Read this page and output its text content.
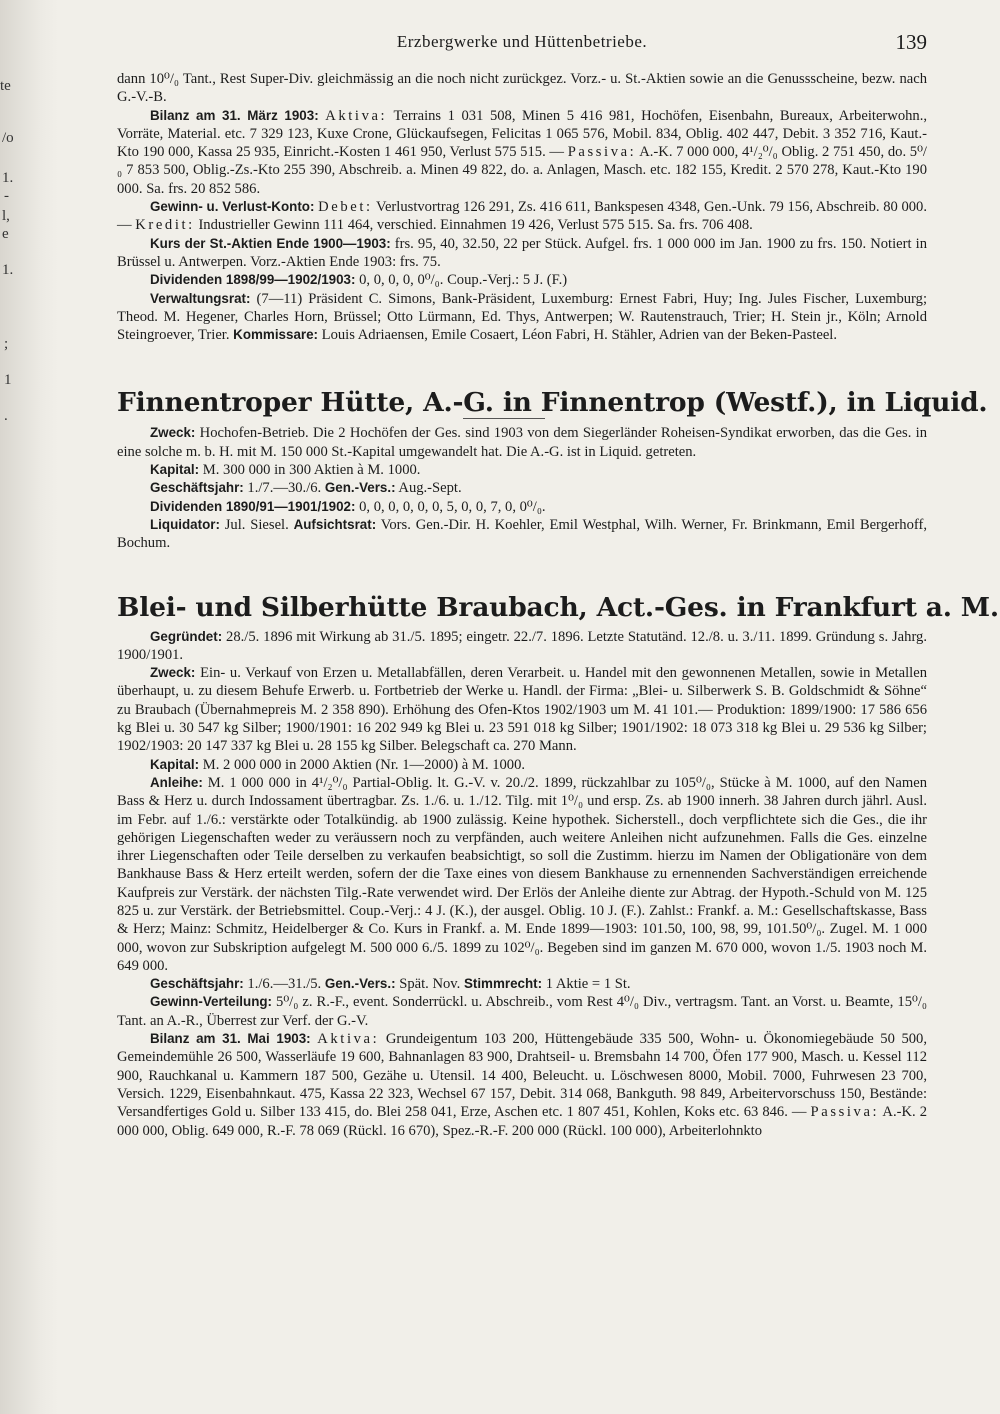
te
/o
1.
-
l,
e
1.
;
1
.
Erzbergwerke und Hüttenbetriebe.	139

dann 10⁰/₀ Tant., Rest Super-Div. gleichmässig an die noch nicht zurückgez. Vorz.- u. St.-Aktien sowie an die Genussscheine, bezw. nach G.-V.-B.

Bilanz am 31. März 1903: Aktiva: Terrains 1 031 508, Minen 5 416 981, Hochöfen, Eisenbahn, Bureaux, Arbeiterwohn., Vorräte, Material. etc. 7 329 123, Kuxe Crone, Glückaufsegen, Felicitas 1 065 576, Mobil. 834, Oblig. 402 447, Debit. 3 352 716, Kaut.-Kto 190 000, Kassa 25 935, Einricht.-Kosten 1 461 950, Verlust 575 515. — Passiva: A.-K. 7 000 000, 4¹/₂⁰/₀ Oblig. 2 751 450, do. 5⁰/₀ 7 853 500, Oblig.-Zs.-Kto 255 390, Abschreib. a. Minen 49 822, do. a. Anlagen, Masch. etc. 182 155, Kredit. 2 570 278, Kaut.-Kto 190 000. Sa. frs. 20 852 586.

Gewinn- u. Verlust-Konto: Debet: Verlustvortrag 126 291, Zs. 416 611, Bankspesen 4348, Gen.-Unk. 79 156, Abschreib. 80 000. — Kredit: Industrieller Gewinn 111 464, verschied. Einnahmen 19 426, Verlust 575 515. Sa. frs. 706 408.

Kurs der St.-Aktien Ende 1900—1903: frs. 95, 40, 32.50, 22 per Stück. Aufgel. frs. 1 000 000 im Jan. 1900 zu frs. 150. Notiert in Brüssel u. Antwerpen. Vorz.-Aktien Ende 1903: frs. 75.

Dividenden 1898/99—1902/1903: 0, 0, 0, 0, 0⁰/₀. Coup.-Verj.: 5 J. (F.)

Verwaltungsrat: (7—11) Präsident C. Simons, Bank-Präsident, Luxemburg: Ernest Fabri, Huy; Ing. Jules Fischer, Luxemburg; Theod. M. Hegener, Charles Horn, Brüssel; Otto Lürmann, Ed. Thys, Antwerpen; W. Rautenstrauch, Trier; H. Stein jr., Köln; Arnold Steingroever, Trier. Kommissare: Louis Adriaensen, Emile Cosaert, Léon Fabri, H. Stähler, Adrien van der Beken-Pasteel.

Finnentroper Hütte, A.-G. in Finnentrop (Westf.), in Liquid.

Zweck: Hochofen-Betrieb. Die 2 Hochöfen der Ges. sind 1903 von dem Siegerländer Roheisen-Syndikat erworben, das die Ges. in eine solche m. b. H. mit M. 150 000 St.-Kapital umgewandelt hat. Die A.-G. ist in Liquid. getreten.

Kapital: M. 300 000 in 300 Aktien à M. 1000.

Geschäftsjahr: 1./7.—30./6. Gen.-Vers.: Aug.-Sept.

Dividenden 1890/91—1901/1902: 0, 0, 0, 0, 0, 0, 5, 0, 0, 7, 0, 0⁰/₀.

Liquidator: Jul. Siesel. Aufsichtsrat: Vors. Gen.-Dir. H. Koehler, Emil Westphal, Wilh. Werner, Fr. Brinkmann, Emil Bergerhoff, Bochum.

Blei- und Silberhütte Braubach, Act.-Ges. in Frankfurt a. M.

Gegründet: 28./5. 1896 mit Wirkung ab 31./5. 1895; eingetr. 22./7. 1896. Letzte Statutänd. 12./8. u. 3./11. 1899. Gründung s. Jahrg. 1900/1901.

Zweck: Ein- u. Verkauf von Erzen u. Metallabfällen, deren Verarbeit. u. Handel mit den gewonnenen Metallen, sowie in Metallen überhaupt, u. zu diesem Behufe Erwerb. u. Fortbetrieb der Werke u. Handl. der Firma: „Blei- u. Silberwerk S. B. Goldschmidt & Söhne“ zu Braubach (Übernahmepreis M. 2 358 890). Erhöhung des Ofen-Ktos 1902/1903 um M. 41 101.— Produktion: 1899/1900: 17 586 656 kg Blei u. 30 547 kg Silber; 1900/1901: 16 202 949 kg Blei u. 23 591 018 kg Silber; 1901/1902: 18 073 318 kg Blei u. 29 536 kg Silber; 1902/1903: 20 147 337 kg Blei u. 28 155 kg Silber. Belegschaft ca. 270 Mann.

Kapital: M. 2 000 000 in 2000 Aktien (Nr. 1—2000) à M. 1000.

Anleihe: M. 1 000 000 in 4¹/₂⁰/₀ Partial-Oblig. lt. G.-V. v. 20./2. 1899, rückzahlbar zu 105⁰/₀, Stücke à M. 1000, auf den Namen Bass & Herz u. durch Indossament übertragbar. Zs. 1./6. u. 1./12. Tilg. mit 1⁰/₀ und ersp. Zs. ab 1900 innerh. 38 Jahren durch jährl. Ausl. im Febr. auf 1./6.: verstärkte oder Totalkündig. ab 1900 zulässig. Keine hypothek. Sicherstell., doch verpflichtete sich die Ges., die ihr gehörigen Liegenschaften weder zu veräussern noch zu verpfänden, auch weitere Anleihen nicht aufzunehmen. Falls die Ges. einzelne ihrer Liegenschaften oder Teile derselben zu verkaufen beabsichtigt, so soll die Zustimm. hierzu im Namen der Obligationäre von dem Bankhause Bass & Herz erteilt werden, sofern der die Taxe eines von diesem Bankhause zu ernennenden Sachverständigen erreichende Kaufpreis zur Verstärk. der nächsten Tilg.-Rate verwendet wird. Der Erlös der Anleihe diente zur Abtrag. der Hypoth.-Schuld von M. 125 825 u. zur Verstärk. der Betriebsmittel. Coup.-Verj.: 4 J. (K.), der ausgel. Oblig. 10 J. (F.). Zahlst.: Frankf. a. M.: Gesellschaftskasse, Bass & Herz; Mainz: Schmitz, Heidelberger & Co. Kurs in Frankf. a. M. Ende 1899—1903: 101.50, 100, 98, 99, 101.50⁰/₀. Zugel. M. 1 000 000, wovon zur Subskription aufgelegt M. 500 000 6./5. 1899 zu 102⁰/₀. Begeben sind im ganzen M. 670 000, wovon 1./5. 1903 noch M. 649 000.

Geschäftsjahr: 1./6.—31./5. Gen.-Vers.: Spät. Nov. Stimmrecht: 1 Aktie = 1 St.

Gewinn-Verteilung: 5⁰/₀ z. R.-F., event. Sonderrückl. u. Abschreib., vom Rest 4⁰/₀ Div., vertragsm. Tant. an Vorst. u. Beamte, 15⁰/₀ Tant. an A.-R., Überrest zur Verf. der G.-V.

Bilanz am 31. Mai 1903: Aktiva: Grundeigentum 103 200, Hüttengebäude 335 500, Wohn- u. Ökonomiegebäude 50 500, Gemeindemühle 26 500, Wasserläufe 19 600, Bahnanlagen 83 900, Drahtseil- u. Bremsbahn 14 700, Öfen 177 900, Masch. u. Kessel 112 900, Rauchkanal u. Kammern 187 500, Gezähe u. Utensil. 14 400, Beleucht. u. Löschwesen 8000, Mobil. 7000, Fuhrwesen 23 700, Versich. 1229, Eisenbahnkaut. 475, Kassa 22 323, Wechsel 67 157, Debit. 314 068, Bankguth. 98 849, Arbeitervorschuss 150, Bestände: Versandfertiges Gold u. Silber 133 415, do. Blei 258 041, Erze, Aschen etc. 1 807 451, Kohlen, Koks etc. 63 846. — Passiva: A.-K. 2 000 000, Oblig. 649 000, R.-F. 78 069 (Rückl. 16 670), Spez.-R.-F. 200 000 (Rückl. 100 000), Arbeiterlohnkto
